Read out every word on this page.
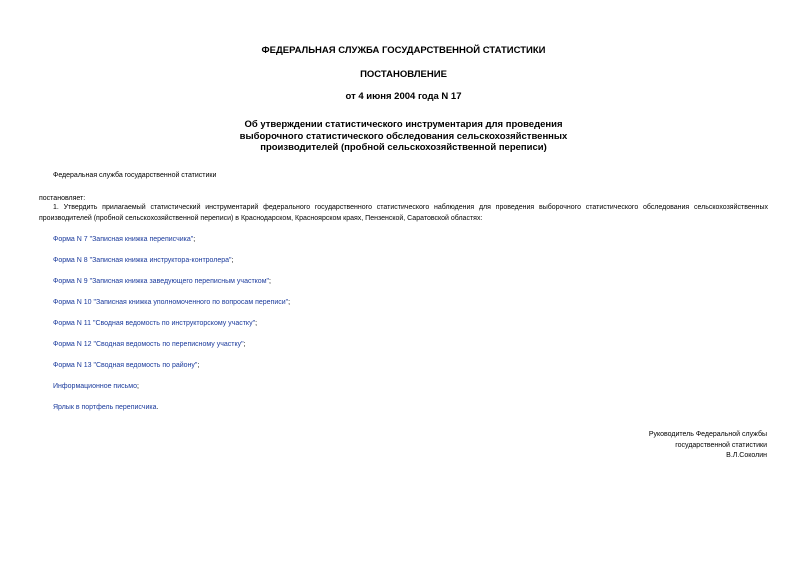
ФЕДЕРАЛЬНАЯ СЛУЖБА ГОСУДАРСТВЕННОЙ СТАТИСТИКИ
ПОСТАНОВЛЕНИЕ
от 4 июня 2004 года N 17
Об утверждении статистического инструментария для проведения
выборочного статистического обследования сельскохозяйственных
производителей (пробной сельскохозяйственной переписи)
Федеральная служба государственной статистики
постановляет:
1. Утвердить прилагаемый статистический инструментарий федерального государственного статистического наблюдения для проведения выборочного статистического обследования сельскохозяйственных производителей (пробной сельскохозяйственной переписи) в Краснодарском, Красноярском краях, Пензенской, Саратовской областях:
Форма N 7 "Записная книжка переписчика";
Форма N 8 "Записная книжка инструктора-контролера";
Форма N 9 "Записная книжка заведующего переписным участком";
Форма N 10 "Записная книжка уполномоченного по вопросам переписи";
Форма N 11 "Сводная ведомость по инструкторскому участку";
Форма N 12 "Сводная ведомость по переписному участку";
Форма N 13 "Сводная ведомость по району";
Информационное письмо;
Ярлык в портфель переписчика.
Руководитель Федеральной службы
государственной статистики
В.Л.Соколин
